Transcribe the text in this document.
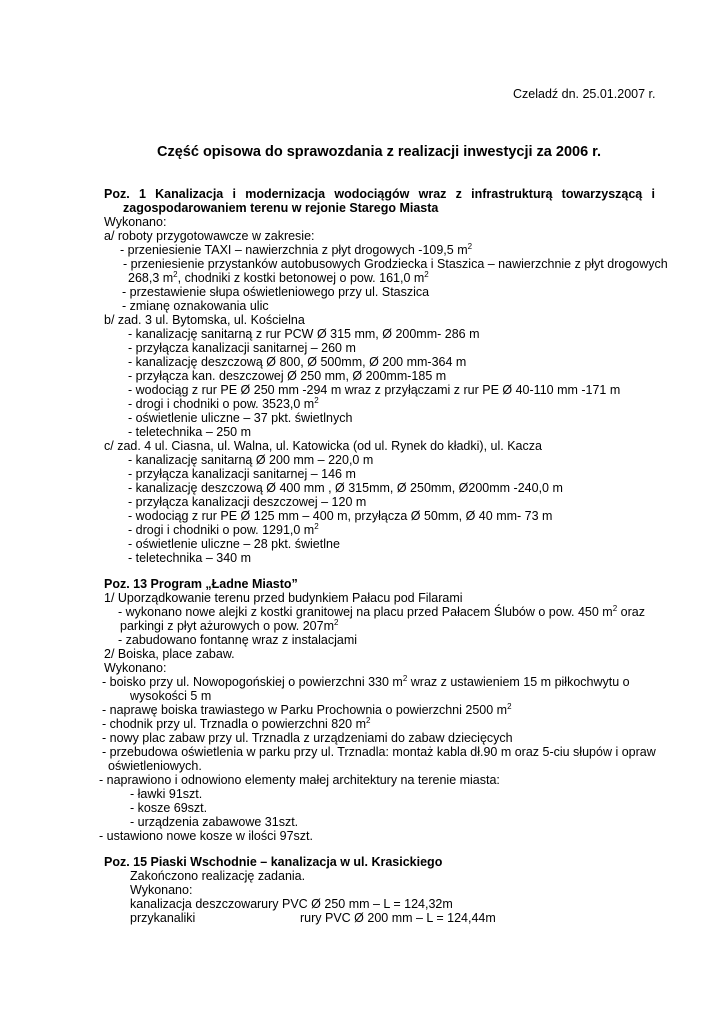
Czeladź dn. 25.01.2007 r.
Część opisowa do sprawozdania z realizacji inwestycji za 2006 r.
Poz. 1 Kanalizacja i modernizacja wodociągów wraz z infrastrukturą towarzyszącą i
zagospodarowaniem terenu w rejonie Starego Miasta
Wykonano:
a/ roboty przygotowawcze w zakresie:
- przeniesienie TAXI – nawierzchnia z płyt drogowych -109,5 $m^2$
- przeniesienie przystanków autobusowych Grodziecka i Staszica – nawierzchnie z płyt drogowych
268,3 $m^2$, chodniki z kostki betonowej o pow. 161,0 $m^2$
- przestawienie słupa oświetleniowego przy ul. Staszica
- zmianę oznakowania ulic
b/ zad. 3 ul. Bytomska, ul. Kościelna
- kanalizację sanitarną z rur PCW Ø 315 mm, Ø 200mm- 286 m
- przyłącza kanalizacji sanitarnej – 260 m
- kanalizację deszczową Ø 800, Ø 500mm, Ø 200 mm-364 m
- przyłącza kan. deszczowej Ø 250 mm, Ø 200mm-185 m
- wodociąg z rur PE Ø 250 mm -294 m wraz z przyłączami z rur PE Ø 40-110 mm -171 m
- drogi i chodniki o pow. 3523,0 $m^2$
- oświetlenie uliczne – 37 pkt. świetlnych
- teletechnika – 250 m
c/ zad. 4 ul. Ciasna, ul. Walna, ul. Katowicka (od ul. Rynek do kładki), ul. Kacza
- kanalizację sanitarną Ø 200 mm – 220,0 m
- przyłącza kanalizacji sanitarnej – 146 m
- kanalizację deszczową Ø 400 mm , Ø 315mm, Ø 250mm, Ø200mm -240,0 m
- przyłącza kanalizacji deszczowej – 120 m
- wodociąg z rur PE Ø 125 mm – 400 m, przyłącza Ø 50mm, Ø 40 mm- 73 m
- drogi i chodniki o pow. 1291,0 $m^2$
- oświetlenie uliczne – 28 pkt. świetlne
- teletechnika – 340 m
Poz. 13 Program „Ładne Miasto”
1/ Uporządkowanie terenu przed budynkiem Pałacu pod Filarami
- wykonano nowe alejki z kostki granitowej na placu przed Pałacem Ślubów o pow. 450 $m^2$ oraz
parkingi z płyt ażurowych o pow. $207m^2$
- zabudowano fontannę wraz z instalacjami
2/ Boiska, place zabaw.
Wykonano:
- boisko przy ul. Nowopogońskiej o powierzchni 330 $m^2$ wraz z ustawieniem 15 m piłkochwytu o
wysokości 5 m
- naprawę boiska trawiastego w Parku Prochownia o powierzchni 2500 $m^2$
- chodnik przy ul. Trznadla o powierzchni 820 $m^2$
- nowy plac zabaw przy ul. Trznadla z urządzeniami do zabaw dziecięcych
- przebudowa oświetlenia w parku przy ul. Trznadla: montaż kabla dł.90 m oraz 5-ciu słupów i opraw
oświetleniowych.
- naprawiono i odnowiono elementy małej architektury na terenie miasta:
- ławki 91szt.
- kosze 69szt.
- urządzenia zabawowe 31szt.
- ustawiono nowe kosze w ilości 97szt.
Poz. 15 Piaski Wschodnie – kanalizacja w ul. Krasickiego
Zakończono realizację zadania.
Wykonano:
kanalizacja deszczowa rury PVC Ø 250 mm – L = 124,32m
przykanaliki	rury PVC Ø 200 mm – L = 124,44m
